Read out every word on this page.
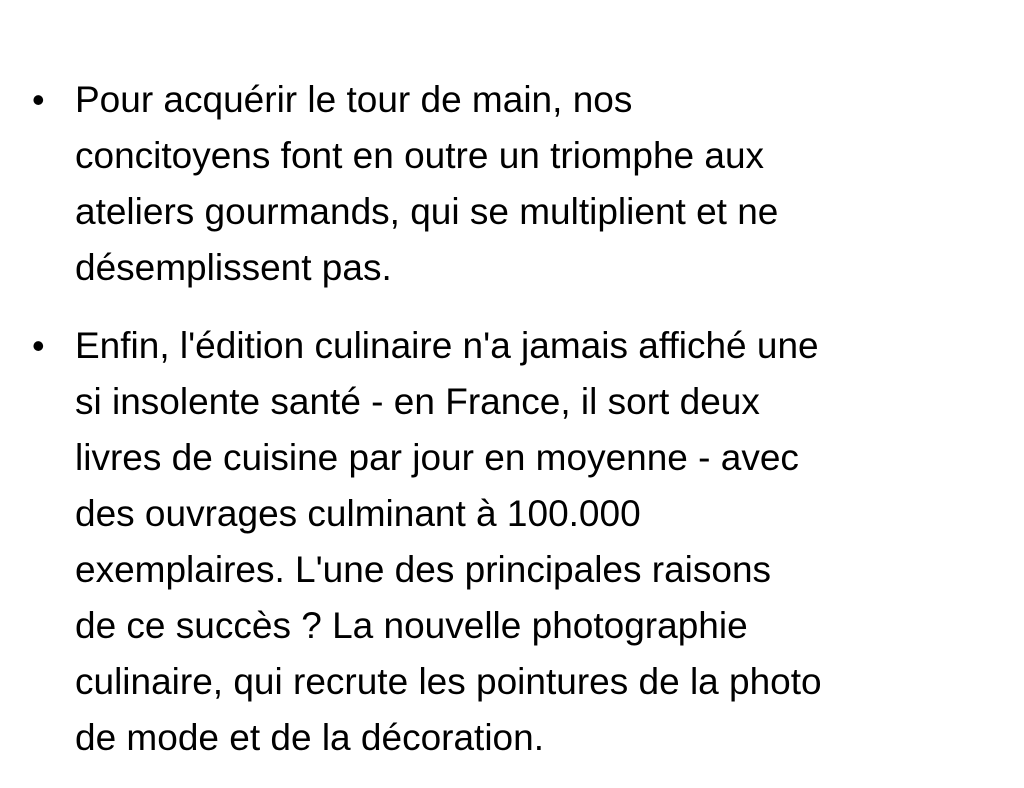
• Pour acquérir le tour de main, nos
concitoyens font en outre un triomphe aux
ateliers gourmands, qui se multiplient et ne
désemplissent pas.
• Enfin, l'édition culinaire n'a jamais affiché une
si insolente santé - en France, il sort deux
livres de cuisine par jour en moyenne - avec
des ouvrages culminant à 100.000
exemplaires. L'une des principales raisons
de ce succès ? La nouvelle photographie
culinaire, qui recrute les pointures de la photo
de mode et de la décoration.
